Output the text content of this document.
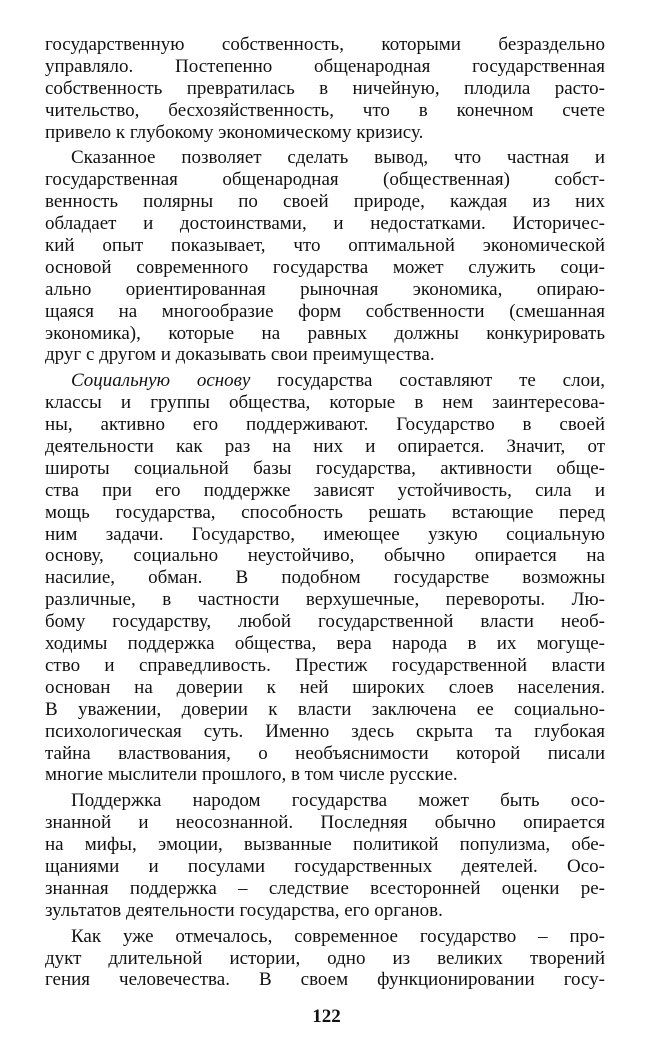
государственную собственность, которыми безраздельно
управляло. Постепенно общенародная государственная
собственность превратилась в ничейную, плодила расто-
чительство, бесхозяйственность, что в конечном счете
привело к глубокому экономическому кризису.
Сказанное позволяет сделать вывод, что частная и
государственная общенародная (общественная) собст-
венность полярны по своей природе, каждая из них
обладает и достоинствами, и недостатками. Историчес-
кий опыт показывает, что оптимальной экономической
основой современного государства может служить соци-
ально ориентированная рыночная экономика, опираю-
щаяся на многообразие форм собственности (смешанная
экономика), которые на равных должны конкурировать
друг с другом и доказывать свои преимущества.
Социальную основу государства составляют те слои,
классы и группы общества, которые в нем заинтересова-
ны, активно его поддерживают. Государство в своей
деятельности как раз на них и опирается. Значит, от
широты социальной базы государства, активности обще-
ства при его поддержке зависят устойчивость, сила и
мощь государства, способность решать встающие перед
ним задачи. Государство, имеющее узкую социальную
основу, социально неустойчиво, обычно опирается на
насилие, обман. В подобном государстве возможны
различные, в частности верхушечные, перевороты. Лю-
бому государству, любой государственной власти необ-
ходимы поддержка общества, вера народа в их могуще-
ство и справедливость. Престиж государственной власти
основан на доверии к ней широких слоев населения.
В уважении, доверии к власти заключена ее социально-
психологическая суть. Именно здесь скрыта та глубокая
тайна властвования, о необъяснимости которой писали
многие мыслители прошлого, в том числе русские.
Поддержка народом государства может быть осо-
знанной и неосознанной. Последняя обычно опирается
на мифы, эмоции, вызванные политикой популизма, обе-
щаниями и посулами государственных деятелей. Осо-
знанная поддержка – следствие всесторонней оценки ре-
зультатов деятельности государства, его органов.
Как уже отмечалось, современное государство – про-
дукт длительной истории, одно из великих творений
гения человечества. В своем функционировании госу-
122
